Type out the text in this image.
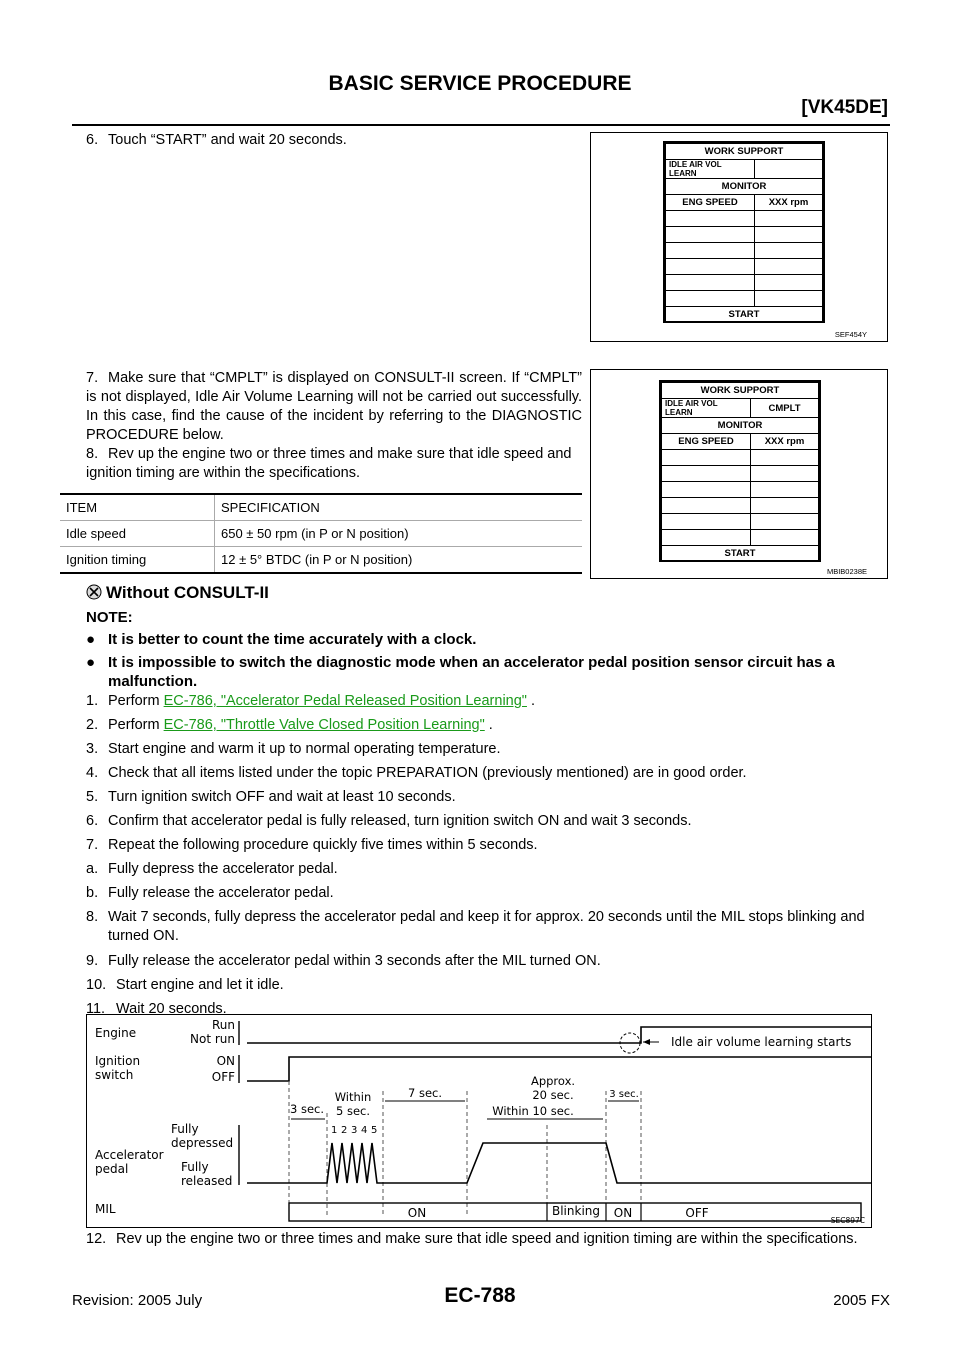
BASIC SERVICE PROCEDURE
[VK45DE]
6. Touch “START” and wait 20 seconds.
WORK SUPPORT	
IDLE AIR VOL LEARN	
MONITOR	
ENG SPEED	XXX rpm

START	
SEF454Y
7. Make sure that “CMPLT” is displayed on CONSULT-II screen. If “CMPLT” is not displayed, Idle Air Volume Learning will not be carried out successfully. In this case, find the cause of the incident by referring to the DIAGNOSTIC PROCEDURE below.
8. Rev up the engine two or three times and make sure that idle speed and ignition timing are within the specifications.
ITEM	SPECIFICATION
Idle speed	650 ± 50 rpm (in P or N position)
Ignition timing	12 ± 5° BTDC (in P or N position)
WORK SUPPORT	
IDLE AIR VOL LEARN	CMPLT
MONITOR	
ENG SPEED	XXX rpm

START	
MBIB0238E
Without CONSULT-II
NOTE:
● It is better to count the time accurately with a clock.
● It is impossible to switch the diagnostic mode when an accelerator pedal position sensor circuit has a malfunction.
1. Perform EC-786, "Accelerator Pedal Released Position Learning" .
2. Perform EC-786, "Throttle Valve Closed Position Learning" .
3. Start engine and warm it up to normal operating temperature.
4. Check that all items listed under the topic PREPARATION (previously mentioned) are in good order.
5. Turn ignition switch OFF and wait at least 10 seconds.
6. Confirm that accelerator pedal is fully released, turn ignition switch ON and wait 3 seconds.
7. Repeat the following procedure quickly five times within 5 seconds.
a. Fully depress the accelerator pedal.
b. Fully release the accelerator pedal.
8. Wait 7 seconds, fully depress the accelerator pedal and keep it for approx. 20 seconds until the MIL stops blinking and turned ON.
9. Fully release the accelerator pedal within 3 seconds after the MIL turned ON.
10. Start engine and let it idle.
11. Wait 20 seconds.
Engine
Run
Not run
Ignition
switch
ON
OFF
Accelerator
pedal
Fully
depressed
Fully
released
MIL
Idle air volume learning starts
3 sec.
Within
5 sec.
7 sec.
Approx.
20 sec.
Within 10 sec.
3 sec.
1 2 3 4 5
ON	Blinking ON	OFF
SEC897C
12. Rev up the engine two or three times and make sure that idle speed and ignition timing are within the specifications.
Revision: 2005 July	EC-788	2005 FX
